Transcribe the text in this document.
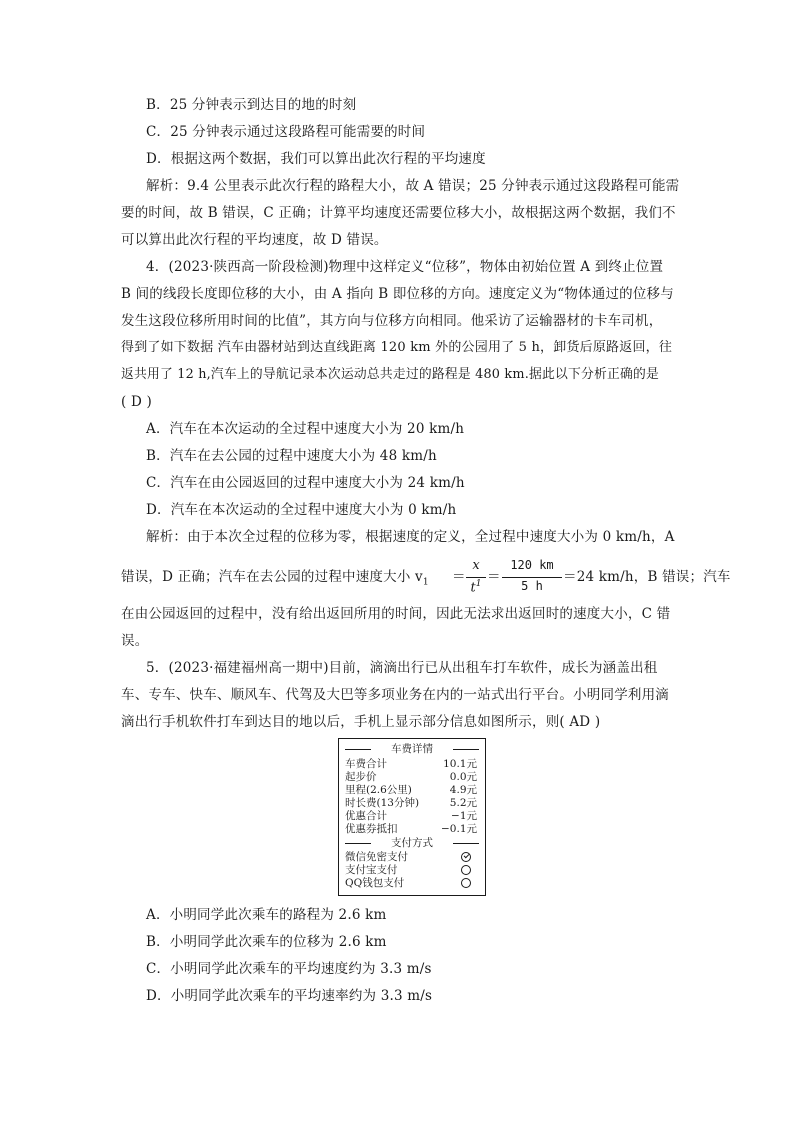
B．25 分钟表示到达目的地的时刻
C．25 分钟表示通过这段路程可能需要的时间
D．根据这两个数据，我们可以算出此次行程的平均速度
解析：9.4 公里表示此次行程的路程大小，故 A 错误；25 分钟表示通过这段路程可能需
要的时间，故 B 错误，C 正确；计算平均速度还需要位移大小，故根据这两个数据，我们不
可以算出此次行程的平均速度，故 D 错误。
4．(2023·陕西高一阶段检测)物理中这样定义“位移”，物体由初始位置 A 到终止位置
B 间的线段长度即位移的大小，由 A 指向 B 即位移的方向。速度定义为“物体通过的位移与
发生这段位移所用时间的比值”，其方向与位移方向相同。他采访了运输器材的卡车司机，
得到了如下数据 汽车由器材站到达直线距离 120 km 外的公园用了 5 h，卸货后原路返回，往
返共用了 12 h,汽车上的导航记录本次运动总共走过的路程是 480 km.据此以下分析正确的是
( D )
A．汽车在本次运动的全过程中速度大小为 20 km/h
B．汽车在去公园的过程中速度大小为 48 km/h
C．汽车在由公园返回的过程中速度大小为 24 km/h
D．汽车在本次运动的全过程中速度大小为 0 km/h
解析：由于本次全过程的位移为零，根据速度的定义，全过程中速度大小为 0 km/h，A
错误，D 正确；汽车在去公园的过程中速度大小 $v_1$ ＝
x
$t^1$ ＝
120 km
5 h
＝24 km/h，B 错误；汽车
在由公园返回的过程中，没有给出返回所用的时间，因此无法求出返回时的速度大小，C 错
误。
5．(2023·福建福州高一期中)目前，滴滴出行已从出租车打车软件，成长为涵盖出租
车、专车、快车、顺风车、代驾及大巴等多项业务在内的一站式出行平台。小明同学利用滴
滴出行手机软件打车到达目的地以后，手机上显示部分信息如图所示，则( AD )
车费详情
车费合计	10.1元
起步价	0.0元
里程(2.6公里)	4.9元
时长费(13分钟)	5.2元
优惠合计	−1元
优惠券抵扣	−0.1元
支付方式
微信免密支付
支付宝支付
QQ钱包支付
A．小明同学此次乘车的路程为 2.6 km
B．小明同学此次乘车的位移为 2.6 km
C．小明同学此次乘车的平均速度约为 3.3 m/s
D．小明同学此次乘车的平均速率约为 3.3 m/s
